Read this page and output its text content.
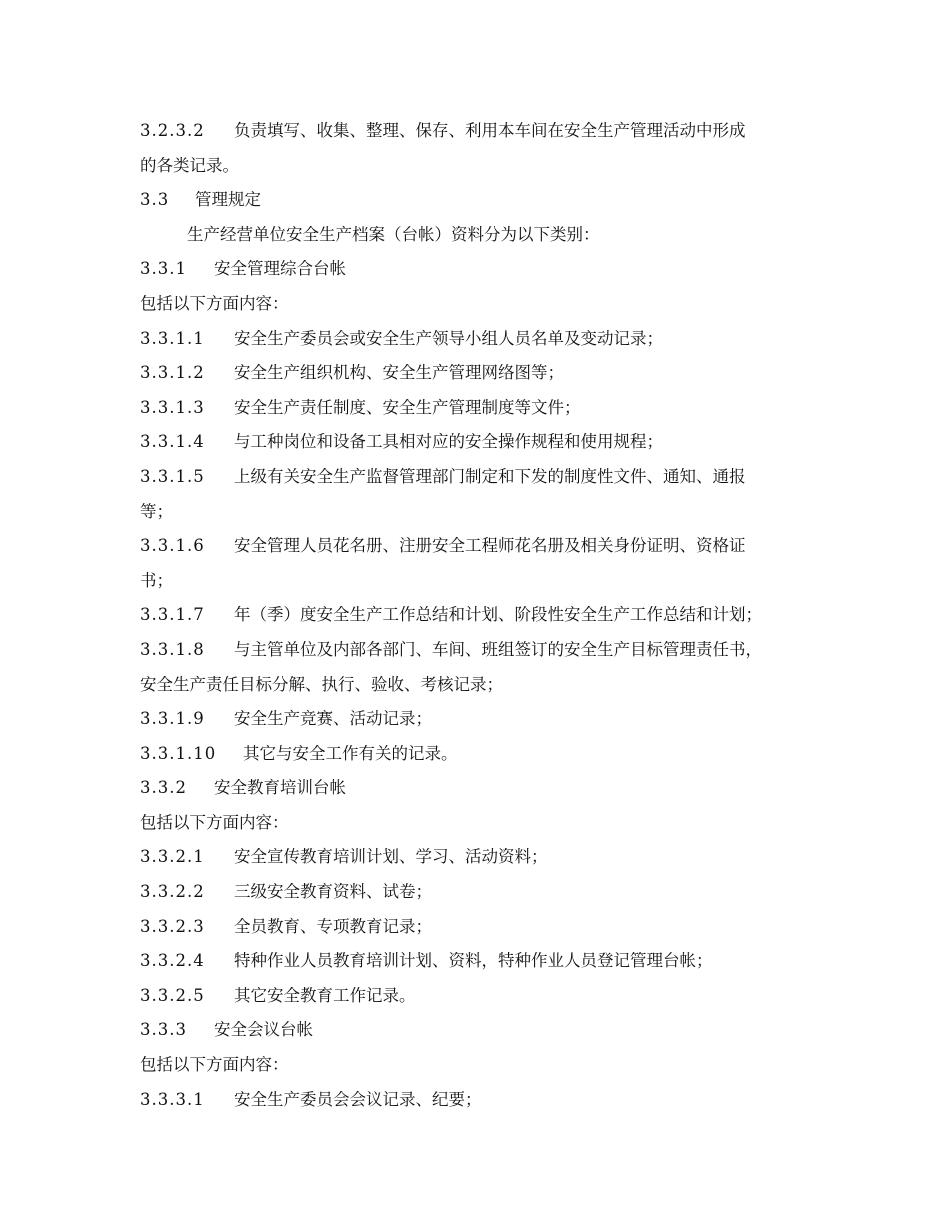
3.2.3.2 负责填写、收集、整理、保存、利用本车间在安全生产管理活动中形成
的各类记录。
3.3 管理规定
生产经营单位安全生产档案（台帐）资料分为以下类别：
3.3.1 安全管理综合台帐
包括以下方面内容：
3.3.1.1 安全生产委员会或安全生产领导小组人员名单及变动记录；
3.3.1.2 安全生产组织机构、安全生产管理网络图等；
3.3.1.3 安全生产责任制度、安全生产管理制度等文件；
3.3.1.4 与工种岗位和设备工具相对应的安全操作规程和使用规程；
3.3.1.5 上级有关安全生产监督管理部门制定和下发的制度性文件、通知、通报
等；
3.3.1.6 安全管理人员花名册、注册安全工程师花名册及相关身份证明、资格证
书；
3.3.1.7 年（季）度安全生产工作总结和计划、阶段性安全生产工作总结和计划；
3.3.1.8 与主管单位及内部各部门、车间、班组签订的安全生产目标管理责任书，
安全生产责任目标分解、执行、验收、考核记录；
3.3.1.9 安全生产竞赛、活动记录；
3.3.1.10 其它与安全工作有关的记录。
3.3.2 安全教育培训台帐
包括以下方面内容：
3.3.2.1 安全宣传教育培训计划、学习、活动资料；
3.3.2.2 三级安全教育资料、试卷；
3.3.2.3 全员教育、专项教育记录；
3.3.2.4 特种作业人员教育培训计划、资料，特种作业人员登记管理台帐；
3.3.2.5 其它安全教育工作记录。
3.3.3 安全会议台帐
包括以下方面内容：
3.3.3.1 安全生产委员会会议记录、纪要；
